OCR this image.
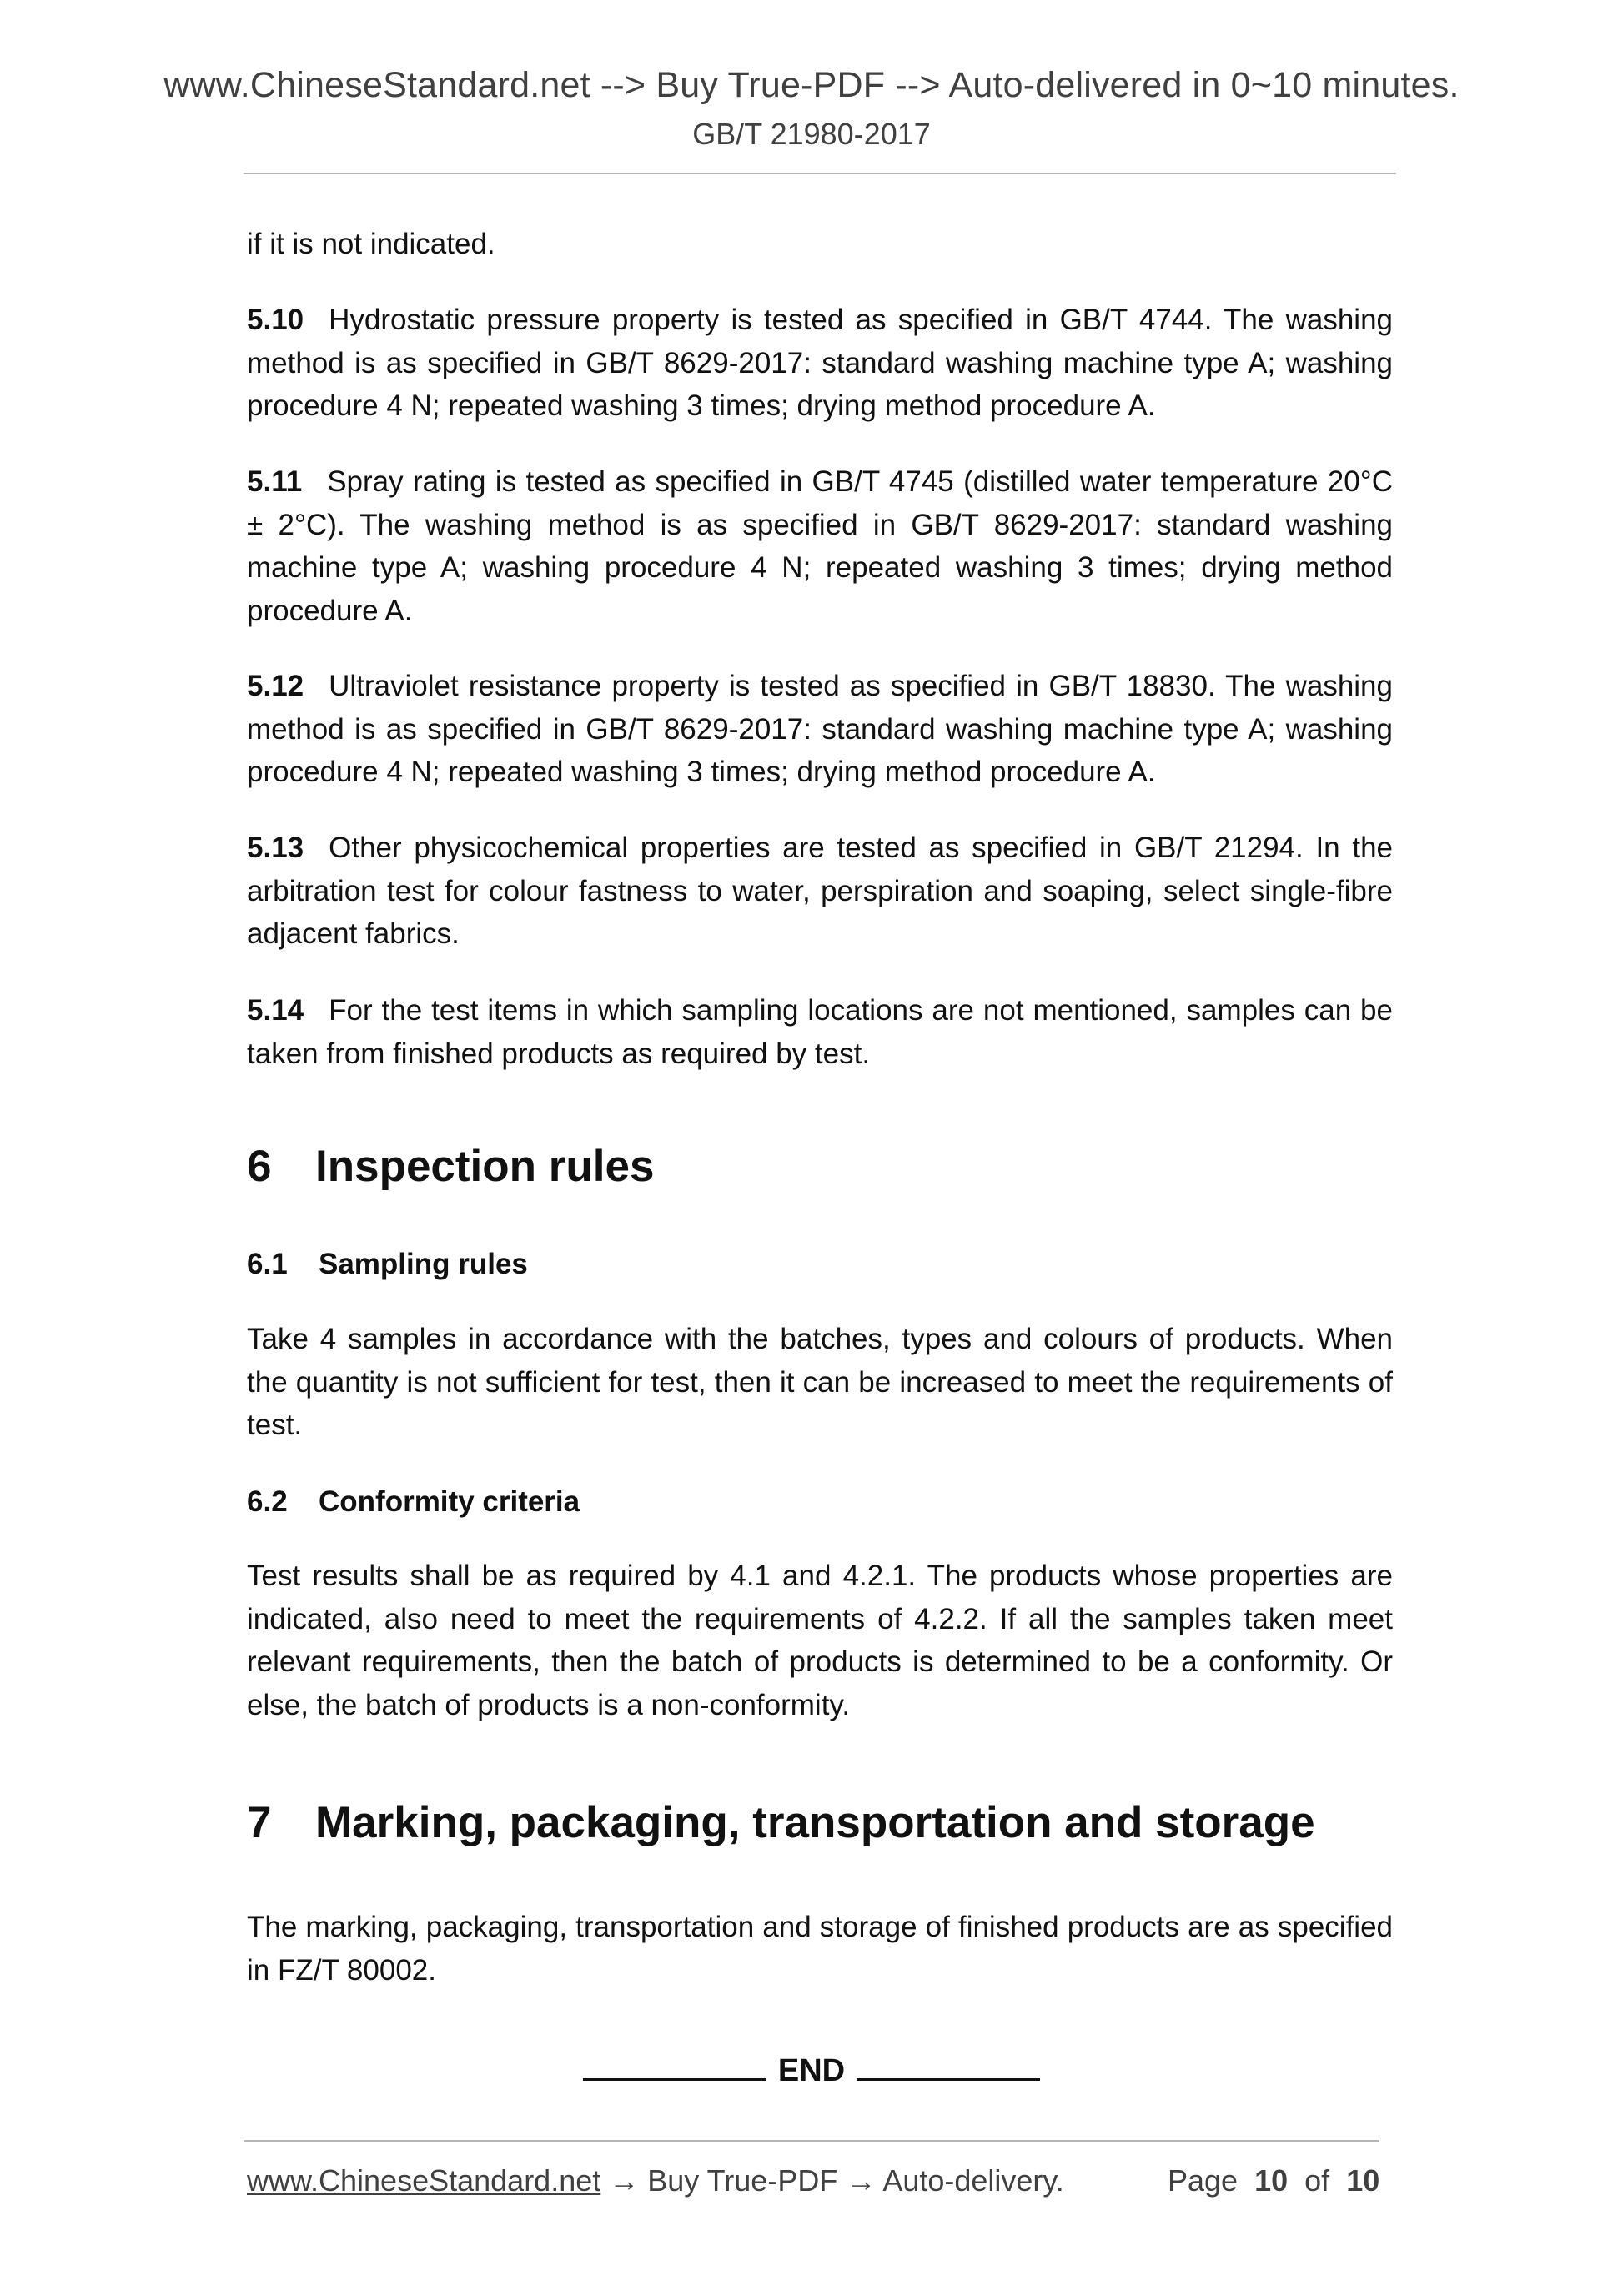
www.ChineseStandard.net --> Buy True-PDF --> Auto-delivered in 0~10 minutes.
GB/T 21980-2017

if it is not indicated.

5.10 Hydrostatic pressure property is tested as specified in GB/T 4744. The washing method is as specified in GB/T 8629-2017: standard washing machine type A; washing procedure 4 N; repeated washing 3 times; drying method procedure A.

5.11 Spray rating is tested as specified in GB/T 4745 (distilled water temperature 20°C ± 2°C). The washing method is as specified in GB/T 8629-2017: standard washing machine type A; washing procedure 4 N; repeated washing 3 times; drying method procedure A.

5.12 Ultraviolet resistance property is tested as specified in GB/T 18830. The washing method is as specified in GB/T 8629-2017: standard washing machine type A; washing procedure 4 N; repeated washing 3 times; drying method procedure A.

5.13 Other physicochemical properties are tested as specified in GB/T 21294. In the arbitration test for colour fastness to water, perspiration and soaping, select single-fibre adjacent fabrics.

5.14 For the test items in which sampling locations are not mentioned, samples can be taken from finished products as required by test.

6 Inspection rules
6.1 Sampling rules

Take 4 samples in accordance with the batches, types and colours of products. When the quantity is not sufficient for test, then it can be increased to meet the requirements of test.

6.2 Conformity criteria

Test results shall be as required by 4.1 and 4.2.1. The products whose properties are indicated, also need to meet the requirements of 4.2.2. If all the samples taken meet relevant requirements, then the batch of products is determined to be a conformity. Or else, the batch of products is a non-conformity.

7 Marking, packaging, transportation and storage

The marking, packaging, transportation and storage of finished products are as specified in FZ/T 80002.

END
www.ChineseStandard.net → Buy True-PDF → Auto-delivery.	Page 10 of 10
